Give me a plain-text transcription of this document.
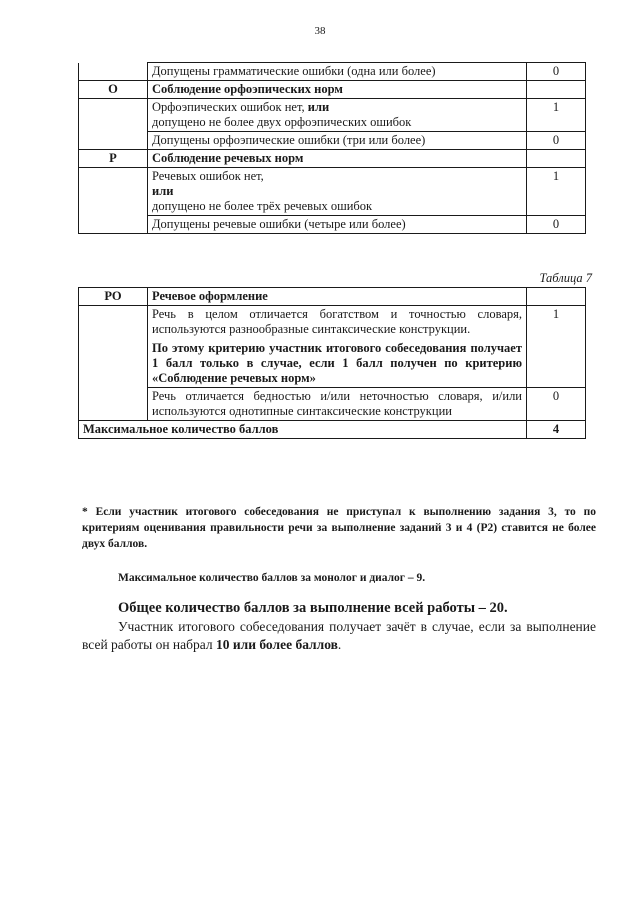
38
	Допущены грамматические ошибки (одна или более)	0
О	Соблюдение орфоэпических норм	
	Орфоэпических ошибок нет, или
допущено не более двух орфоэпических ошибок	1
	Допущены орфоэпические ошибки (три или более)	0
Р	Соблюдение речевых норм	
	Речевых ошибок нет,
или
допущено не более трёх речевых ошибок	1
	Допущены речевые ошибки (четыре или более)	0
Таблица 7
РО	Речевое оформление	

	Речь в целом отличается богатством и точностью словаря, используются разнообразные синтаксические конструкции.
По этому критерию участник итогового собеседования получает 1 балл только в случае, если 1 балл получен по критерию «Соблюдение речевых норм»	1
	Речь отличается бедностью и/или неточностью словаря, и/или используются однотипные синтаксические конструкции	0
Максимальное количество баллов		4
* Если участник итогового собеседования не приступал к выполнению задания 3, то по критериям оценивания правильности речи за выполнение заданий 3 и 4 (Р2) ставится не более двух баллов.
Максимальное количество баллов за монолог и диалог – 9.
Общее количество баллов за выполнение всей работы – 20.
Участник итогового собеседования получает зачёт в случае, если за выполнение всей работы он набрал 10 или более баллов.
